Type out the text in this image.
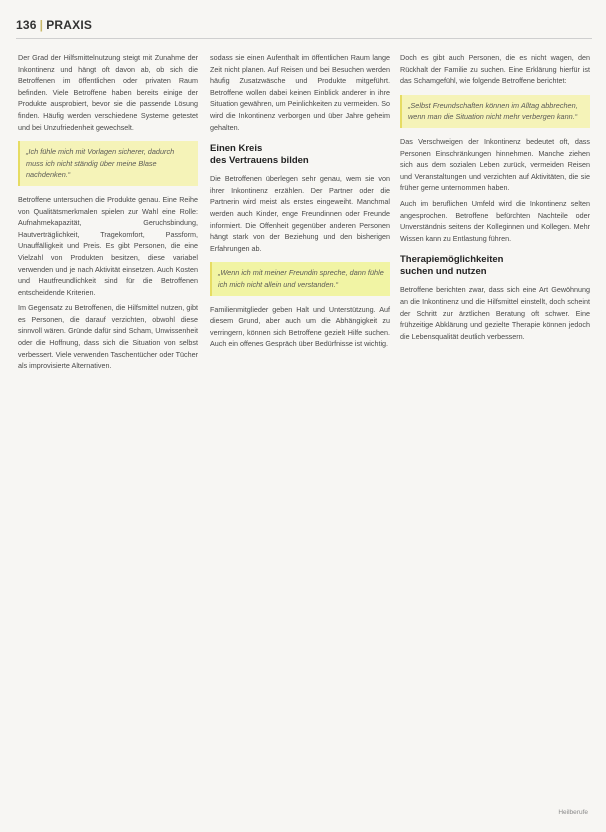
136 | PRAXIS

Der Grad der Hilfsmittelnutzung steigt mit Zunahme der Inkontinenz und hängt oft davon ab, ob sich die Betroffenen im öffentlichen oder privaten Raum befinden. Viele Betroffene haben bereits einige der Produkte ausprobiert, bevor sie die passende Lösung finden. Häufig werden verschiedene Systeme getestet und bei Unzufriedenheit gewechselt.

„Ich fühle mich mit Vorlagen sicherer, dadurch muss ich nicht ständig über meine Blase nachdenken.“

Betroffene untersuchen die Produkte genau. Eine Reihe von Qualitätsmerkmalen spielen zur Wahl eine Rolle: Aufnahmekapazität, Geruchsbindung, Hautverträglichkeit, Tragekomfort, Passform, Unauffälligkeit und Preis. Es gibt Personen, die eine Vielzahl von Produkten besitzen, diese variabel verwenden und je nach Aktivität einsetzen. Auch Kosten und Hautfreundlichkeit sind für die Betroffenen entscheidende Kriterien.

Im Gegensatz zu Betroffenen, die Hilfsmittel nutzen, gibt es Personen, die darauf verzichten, obwohl diese sinnvoll wären. Gründe dafür sind Scham, Unwissenheit oder die Hoffnung, dass sich die Situation von selbst verbessert. Viele verwenden Taschentücher oder Tücher als improvisierte Alternativen.

sodass sie einen Aufenthalt im öffentlichen Raum lange Zeit nicht planen. Auf Reisen und bei Besuchen werden häufig Zusatzwäsche und Produkte mitgeführt. Betroffene wollen dabei keinen Einblick anderer in ihre Situation gewähren, um Peinlichkeiten zu vermeiden. So wird die Inkontinenz verborgen und über Jahre geheim gehalten.

Einen Kreis
des Vertrauens bilden

Die Betroffenen überlegen sehr genau, wem sie von ihrer Inkontinenz erzählen. Der Partner oder die Partnerin wird meist als erstes eingeweiht. Manchmal werden auch Kinder, enge Freundinnen oder Freunde informiert. Die Offenheit gegenüber anderen Personen hängt stark von der Beziehung und den bisherigen Erfahrungen ab.

„Wenn ich mit meiner Freundin spreche, dann fühle ich mich nicht allein und verstanden.“

Familienmitglieder geben Halt und Unterstützung. Auf diesem Grund, aber auch um die Abhängigkeit zu verringern, können sich Betroffene gezielt Hilfe suchen. Auch ein offenes Gespräch über Bedürfnisse ist wichtig.

Doch es gibt auch Personen, die es nicht wagen, den Rückhalt der Familie zu suchen. Eine Erklärung hierfür ist das Schamgefühl, wie folgende Betroffene berichtet:

„Selbst Freundschaften können im Alltag abbrechen, wenn man die Situation nicht mehr verbergen kann.“

Das Verschweigen der Inkontinenz bedeutet oft, dass Personen Einschränkungen hinnehmen. Manche ziehen sich aus dem sozialen Leben zurück, vermeiden Reisen und Veranstaltungen und verzichten auf Aktivitäten, die sie früher gerne unternommen haben.

Auch im beruflichen Umfeld wird die Inkontinenz selten angesprochen. Betroffene befürchten Nachteile oder Unverständnis seitens der Kolleginnen und Kollegen. Mehr Wissen kann zu Entlastung führen.

Therapiemöglichkeiten
suchen und nutzen

Betroffene berichten zwar, dass sich eine Art Gewöhnung an die Inkontinenz und die Hilfsmittel einstellt, doch scheint der Schritt zur ärztlichen Beratung oft schwer. Eine frühzeitige Abklärung und gezielte Therapie können jedoch die Lebensqualität deutlich verbessern.

Heilberufe
